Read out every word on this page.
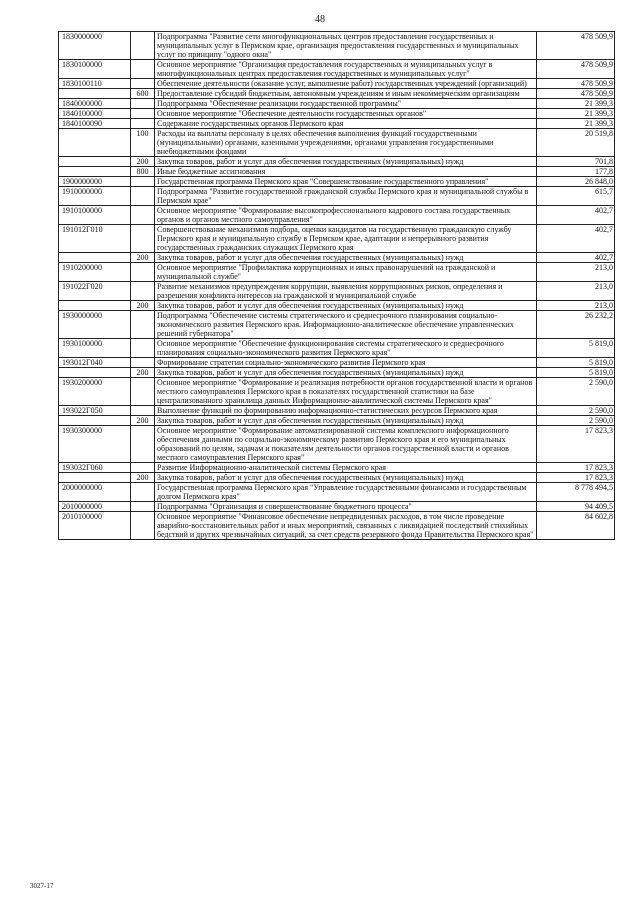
48
1830000000		Подпрограмма "Развитие сети многофункциональных центров предоставления государственных и муниципальных услуг в Пермском крае, организация предоставления государственных и муниципальных услуг по принципу "одного окна"	478 509,9
1830100000		Основное мероприятие "Организация предоставления государственных и муниципальных услуг в многофункциональных центрах предоставления государственных и муниципальных услуг"	478 509,9
1830100110		Обеспечение деятельности (оказание услуг, выполнение работ) государственных учреждений (организаций)	478 509,9
	600	Предоставление субсидий бюджетным, автономным учреждениям и иным некоммерческим организациям	478 509,9
1840000000		Подпрограмма "Обеспечение реализации государственной программы"	21 399,3
1840100000		Основное мероприятие "Обеспечение деятельности государственных органов"	21 399,3
1840100090		Содержание государственных органов Пермского края	21 399,3
	100	Расходы на выплаты персоналу в целях обеспечения выполнения функций государственными (муниципальными) органами, казенными учреждениями, органами управления государственными внебюджетными фондами	20 519,8
	200	Закупка товаров, работ и услуг для обеспечения государственных (муниципальных) нужд	701,8
	800	Иные бюджетные ассигнования	177,8
1900000000		Государственная программа Пермского края "Совершенствование государственного управления"	26 848,0
1910000000		Подпрограмма "Развитие государственной гражданской службы Пермского края и муниципальной службы в Пермском крае"	615,7
1910100000		Основное мероприятие "Формирование высокопрофессионального кадрового состава государственных органов и органов местного самоуправления"	402,7
191012Г010		Совершенствование механизмов подбора, оценки кандидатов на государственную гражданскую службу Пермского края и муниципальную службу в Пермском крае, адаптации и непрерывного развития государственных гражданских служащих Пермского края	402,7
	200	Закупка товаров, работ и услуг для обеспечения государственных (муниципальных) нужд	402,7
1910200000		Основное мероприятие "Профилактика коррупционных и иных правонарушений на гражданской и муниципальной службе"	213,0
191022Г020		Развитие механизмов предупреждения коррупции, выявления коррупционных рисков, определения и разрешения конфликта интересов на гражданской и муниципальной службе	213,0
	200	Закупка товаров, работ и услуг для обеспечения государственных (муниципальных) нужд	213,0
1930000000		Подпрограмма "Обеспечение системы стратегического и среднесрочного планирования социально-экономического развития Пермского края. Информационно-аналитическое обеспечение управленческих решений губернатора"	26 232,2
1930100000		Основное мероприятие "Обеспечение функционирования системы стратегического и среднесрочного планирования социально-экономического развития Пермского края"	5 819,0
193012Г040		Формирование стратегии социально-экономического развития Пермского края	5 819,0
	200	Закупка товаров, работ и услуг для обеспечения государственных (муниципальных) нужд	5 819,0
1930200000		Основное мероприятие "Формирование и реализация потребности органов государственной власти и органов местного самоуправления Пермского края в показателях государственной статистики на базе централизованного хранилища данных Информационно-аналитической системы Пермского края"	2 590,0
193022Г050		Выполнение функций по формированию информационно-статистических ресурсов Пермского края	2 590,0
	200	Закупка товаров, работ и услуг для обеспечения государственных (муниципальных) нужд	2 590,0
1930300000		Основное мероприятие "Формирование автоматизированной системы комплексного информационного обеспечения данными по социально-экономическому развитию Пермского края и его муниципальных образований по целям, задачам и показателям деятельности органов государственной власти и органов местного самоуправления Пермского края"	17 823,3
193032Г060		Развитие Информационно-аналитической системы Пермского края	17 823,3
	200	Закупка товаров, работ и услуг для обеспечения государственных (муниципальных) нужд	17 823,3
2000000000		Государственная программа Пермского края "Управление государственными финансами и государственным долгом Пермского края"	8 778 494,5
2010000000		Подпрограмма "Организация и совершенствование бюджетного процесса"	94 409,5
2010100000		Основное мероприятие "Финансовое обеспечение непредвиденных расходов, в том числе проведение аварийно-восстановительных работ и иных мероприятий, связанных с ликвидацией последствий стихийных бедствий и других чрезвычайных ситуаций, за счет средств резервного фонда Правительства Пермского края"	84 602,8
3027-17
